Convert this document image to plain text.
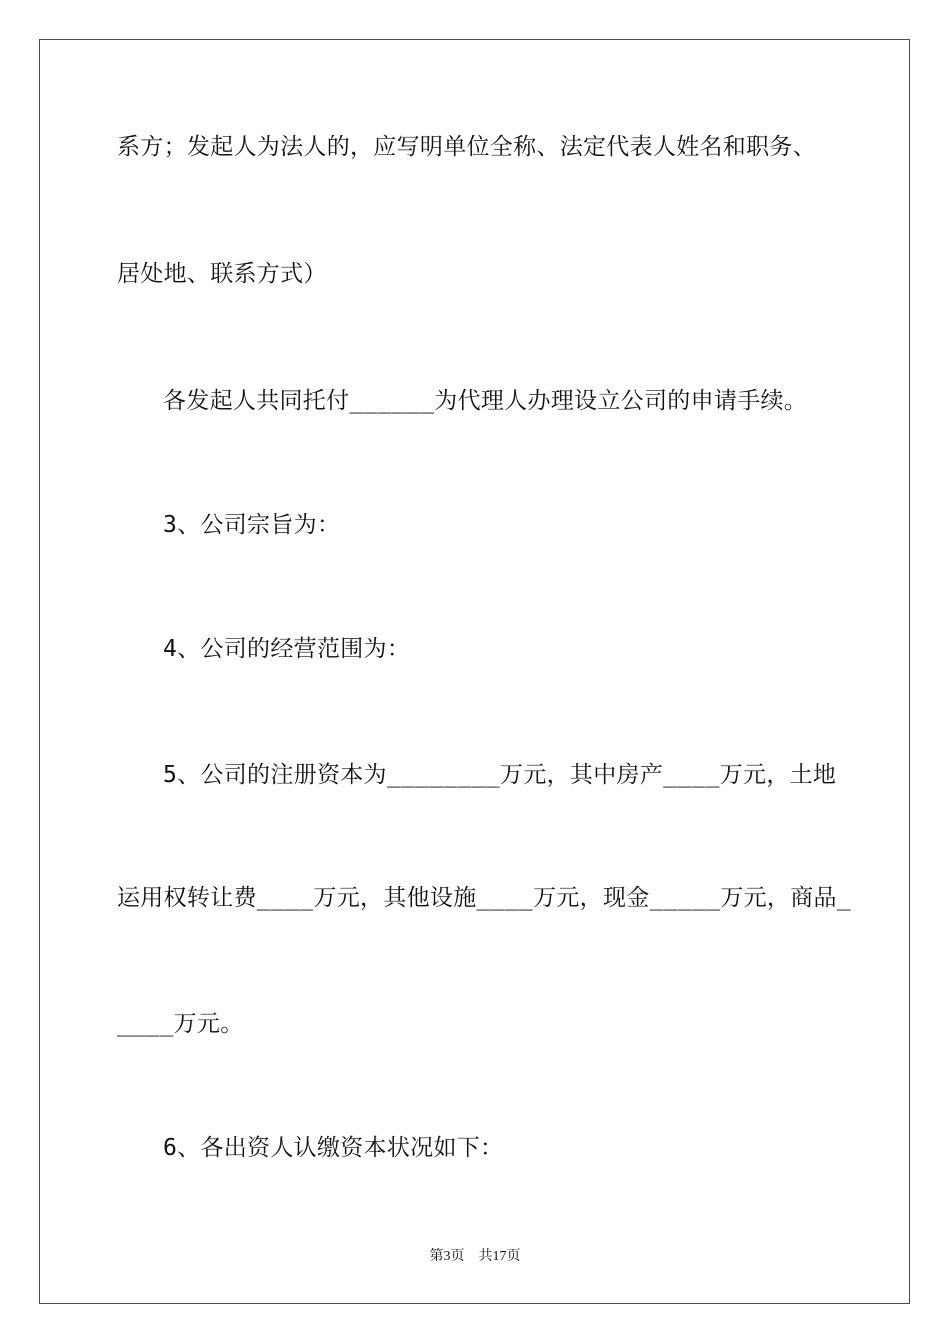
系方；发起人为法人的，应写明单位全称、法定代表人姓名和职务、

居处地、联系方式）

各发起人共同托付______为代理人办理设立公司的申请手续。

3、公司宗旨为：

4、公司的经营范围为：

5、公司的注册资本为________万元，其中房产____万元，土地

运用权转让费____万元，其他设施____万元，现金_____万元，商品_

____万元。

6、各出资人认缴资本状况如下：

第3页 共17页
